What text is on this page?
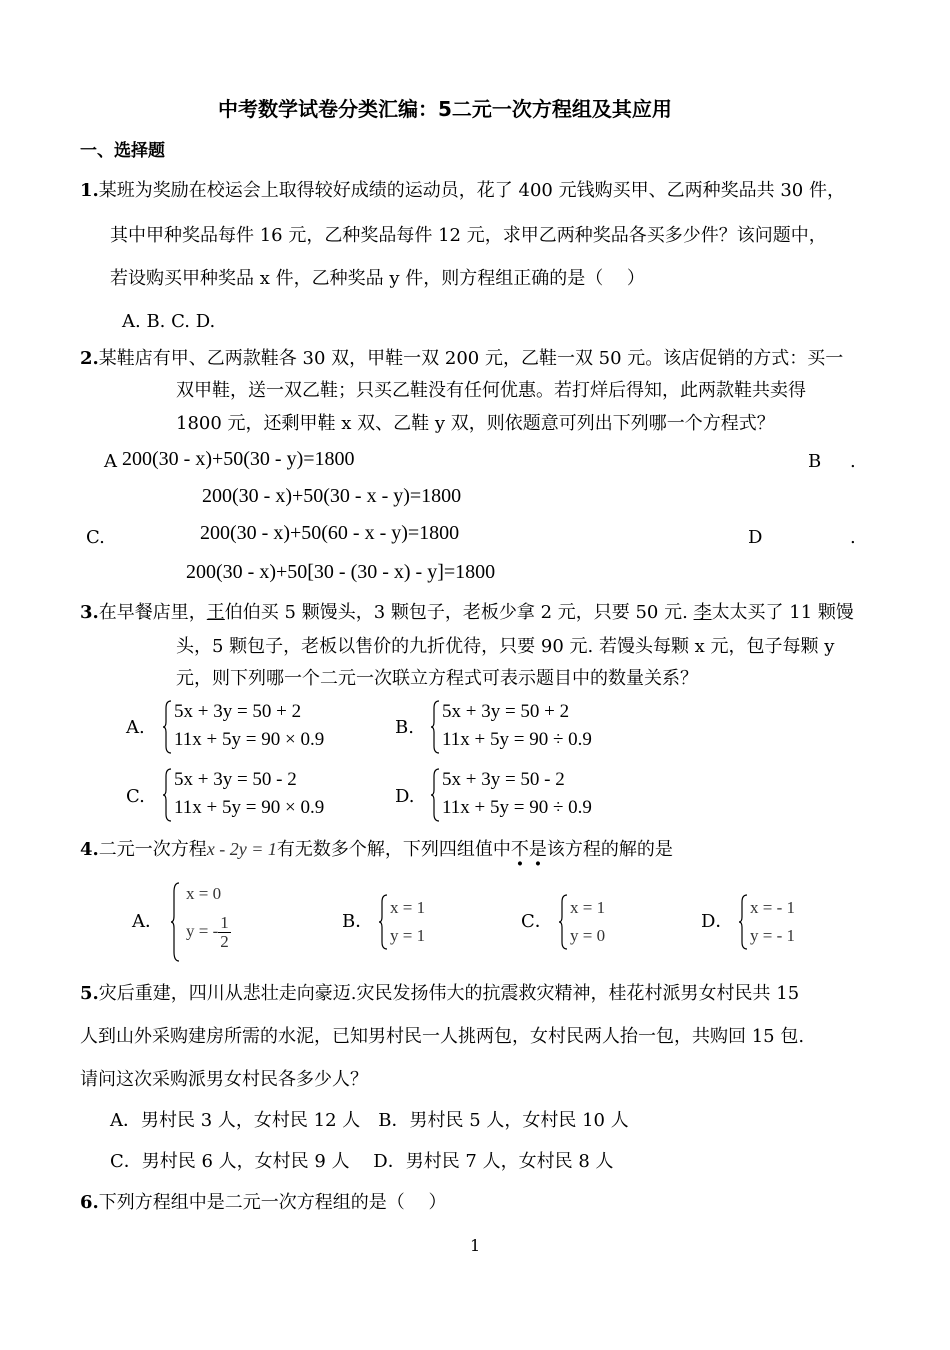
中考数学试卷分类汇编：5二元一次方程组及其应用
一、选择题
1.某班为奖励在校运会上取得较好成绩的运动员，花了 400 元钱购买甲、乙两种奖品共 30 件，
其中甲种奖品每件 16 元，乙种奖品每件 12 元，求甲乙两种奖品各买多少件？该问题中，
若设购买甲种奖品 x 件，乙种奖品 y 件，则方程组正确的是（　 ）
A. B. C. D.
2.某鞋店有甲、乙两款鞋各 30 双，甲鞋一双 200 元，乙鞋一双 50 元。该店促销的方式：买一
双甲鞋，送一双乙鞋；只买乙鞋没有任何优惠。若打烊后得知，此两款鞋共卖得
1800 元，还剩甲鞋 x 双、乙鞋 y 双，则依题意可列出下列哪一个方程式？
A 200(30 - x)+50(30 - y)=1800	B .
200(30 - x)+50(30 - x - y)=1800
C.	200(30 - x)+50(60 - x - y)=1800	D	.
200(30 - x)+50[30 - (30 - x) - y]=1800
3.在早餐店里，王伯伯买 5 颗馒头，3 颗包子，老板少拿 2 元，只要 50 元. 李太太买了 11 颗馒
头，5 颗包子，老板以售价的九折优待，只要 90 元. 若馒头每颗 x 元，包子每颗 y
元，则下列哪一个二元一次联立方程式可表示题目中的数量关系？
A.
5x + 3y = 50 + 2
11x + 5y = 90 × 0.9
B.
5x + 3y = 50 + 2
11x + 5y = 90 ÷ 0.9
C.
5x + 3y = 50 - 2
11x + 5y = 90 × 0.9
D.
5x + 3y = 50 - 2
11x + 5y = 90 ÷ 0.9
4.二元一次方程x - 2y = 1有无数多个解，下列四组值中不是该方程的解的是
A．
x = 0
y = - $\frac{1}{2}$	B．
x = 1
y = 1
C．
x = 1
y = 0
D．
x = - 1
y = - 1
5.灾后重建，四川从悲壮走向豪迈.灾民发扬伟大的抗震救灾精神，桂花村派男女村民共 15
人到山外采购建房所需的水泥，已知男村民一人挑两包，女村民两人抬一包，共购回 15 包.
请问这次采购派男女村民各多少人？
A．男村民 3 人，女村民 12 人　B．男村民 5 人，女村民 10 人
C．男村民 6 人，女村民 9 人　 D．男村民 7 人，女村民 8 人
6.下列方程组中是二元一次方程组的是（　 ）
1
